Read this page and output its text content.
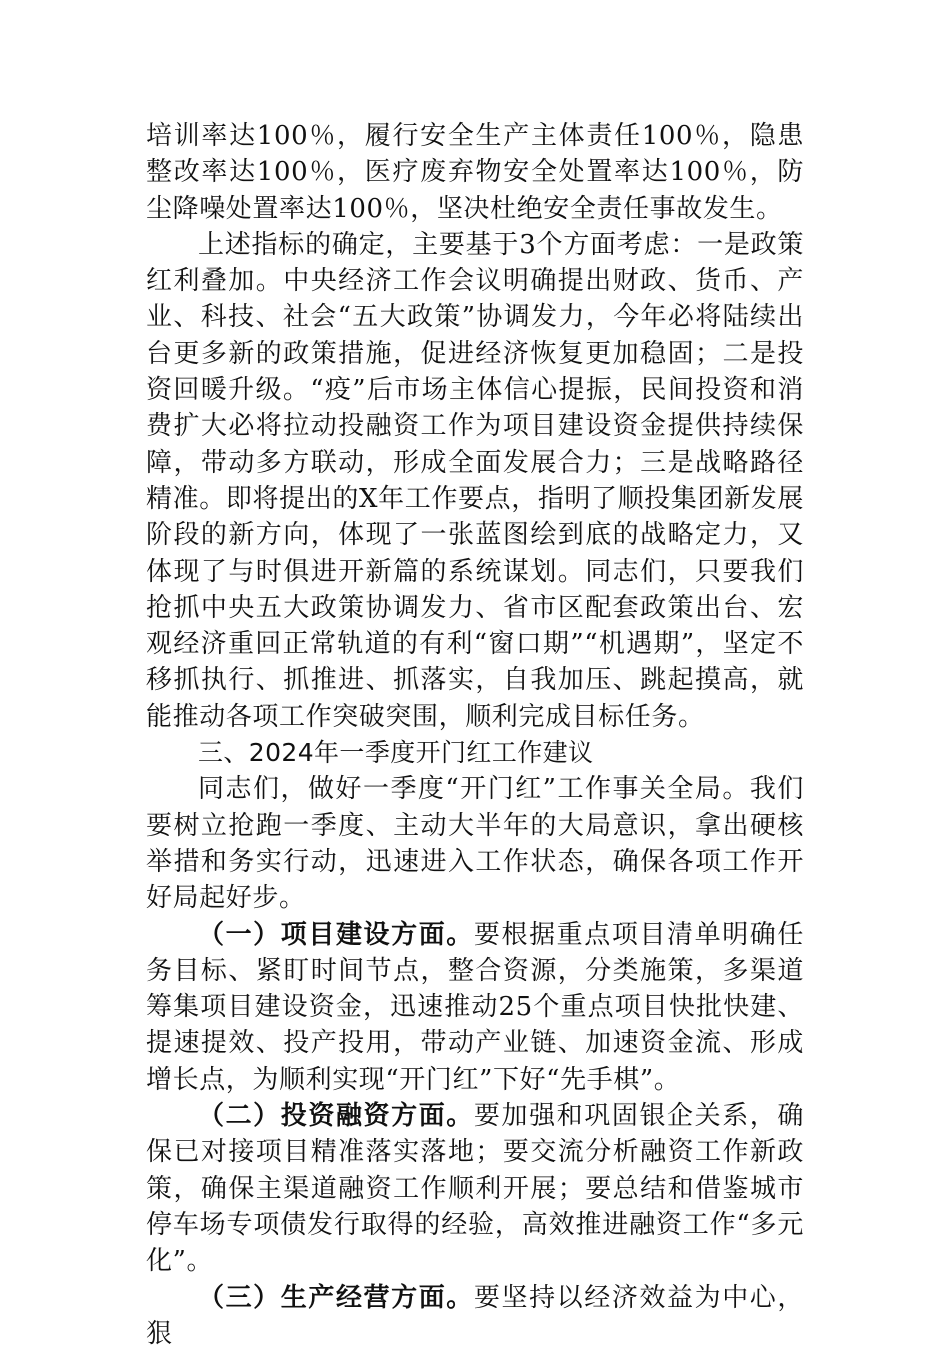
培训率达100％，履行安全生产主体责任100％，隐患整改率达100％，医疗废弃物安全处置率达100％，防尘降噪处置率达100％，坚决杜绝安全责任事故发生。

上述指标的确定，主要基于3个方面考虑：一是政策红利叠加。中央经济工作会议明确提出财政、货币、产业、科技、社会“五大政策”协调发力，今年必将陆续出台更多新的政策措施，促进经济恢复更加稳固；二是投资回暖升级。“疫”后市场主体信心提振，民间投资和消费扩大必将拉动投融资工作为项目建设资金提供持续保障，带动多方联动，形成全面发展合力；三是战略路径精准。即将提出的X年工作要点，指明了顺投集团新发展阶段的新方向，体现了一张蓝图绘到底的战略定力，又体现了与时俱进开新篇的系统谋划。同志们，只要我们抢抓中央五大政策协调发力、省市区配套政策出台、宏观经济重回正常轨道的有利“窗口期”“机遇期”，坚定不移抓执行、抓推进、抓落实，自我加压、跳起摸高，就能推动各项工作突破突围，顺利完成目标任务。

三、2024年一季度开门红工作建议

同志们，做好一季度“开门红”工作事关全局。我们要树立抢跑一季度、主动大半年的大局意识，拿出硬核举措和务实行动，迅速进入工作状态，确保各项工作开好局起好步。

（一）项目建设方面。要根据重点项目清单明确任务目标、紧盯时间节点，整合资源，分类施策，多渠道筹集项目建设资金，迅速推动25个重点项目快批快建、提速提效、投产投用，带动产业链、加速资金流、形成增长点，为顺利实现“开门红”下好“先手棋”。

（二）投资融资方面。要加强和巩固银企关系，确保已对接项目精准落实落地；要交流分析融资工作新政策，确保主渠道融资工作顺利开展；要总结和借鉴城市停车场专项债发行取得的经验，高效推进融资工作“多元化”。

（三）生产经营方面。要坚持以经济效益为中心，狠
